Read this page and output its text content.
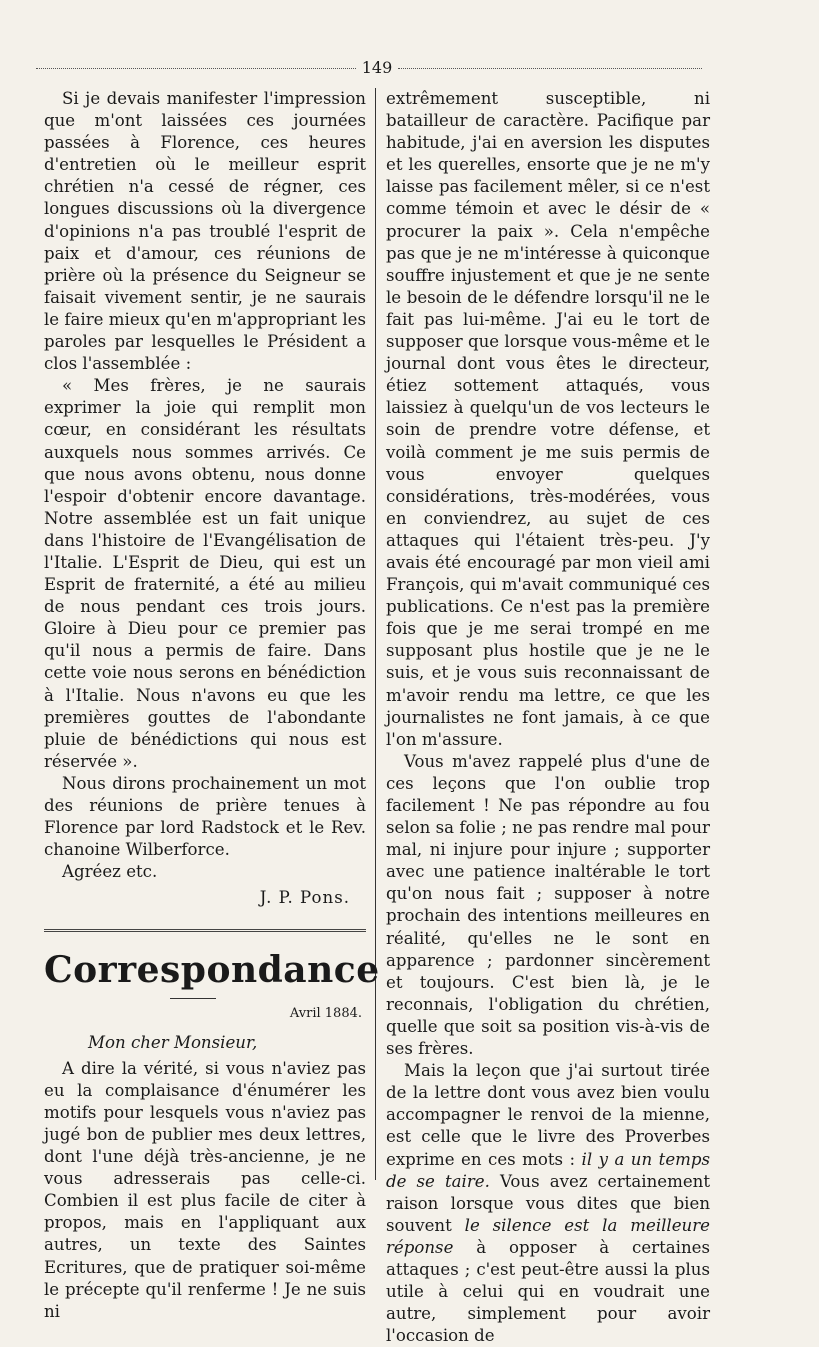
149

Si je devais manifester l'impression que m'ont laissées ces journées passées à Florence, ces heures d'entretien où le meilleur esprit chrétien n'a cessé de régner, ces longues discussions où la divergence d'opinions n'a pas troublé l'esprit de paix et d'amour, ces réunions de prière où la présence du Seigneur se faisait vivement sentir, je ne saurais le faire mieux qu'en m'appropriant les paroles par lesquelles le Président a clos l'assemblée :

« Mes frères, je ne saurais exprimer la joie qui remplit mon cœur, en considérant les résultats auxquels nous sommes arrivés. Ce que nous avons obtenu, nous donne l'espoir d'obtenir encore davantage. Notre assemblée est un fait unique dans l'histoire de l'Evangélisation de l'Italie. L'Esprit de Dieu, qui est un Esprit de fraternité, a été au milieu de nous pendant ces trois jours. Gloire à Dieu pour ce premier pas qu'il nous a permis de faire. Dans cette voie nous serons en bénédiction à l'Italie. Nous n'avons eu que les premières gouttes de l'abondante pluie de bénédictions qui nous est réservée ».

Nous dirons prochainement un mot des réunions de prière tenues à Florence par lord Radstock et le Rev. chanoine Wilberforce.

Agréez etc.

J. P. Pons.

Correspondance

Avril 1884.

Mon cher Monsieur,

A dire la vérité, si vous n'aviez pas eu la complaisance d'énumérer les motifs pour lesquels vous n'aviez pas jugé bon de publier mes deux lettres, dont l'une déjà très-ancienne, je ne vous adresserais pas celle-ci. Combien il est plus facile de citer à propos, mais en l'appliquant aux autres, un texte des Saintes Ecritures, que de pratiquer soi-même le précepte qu'il renferme ! Je ne suis ni

extrêmement susceptible, ni batailleur de caractère. Pacifique par habitude, j'ai en aversion les disputes et les querelles, ensorte que je ne m'y laisse pas facilement mêler, si ce n'est comme témoin et avec le désir de « procurer la paix ». Cela n'empêche pas que je ne m'intéresse à quiconque souffre injustement et que je ne sente le besoin de le défendre lorsqu'il ne le fait pas lui-même. J'ai eu le tort de supposer que lorsque vous-même et le journal dont vous êtes le directeur, étiez sottement attaqués, vous laissiez à quelqu'un de vos lecteurs le soin de prendre votre défense, et voilà comment je me suis permis de vous envoyer quelques considérations, très-modérées, vous en conviendrez, au sujet de ces attaques qui l'étaient très-peu. J'y avais été encouragé par mon vieil ami François, qui m'avait communiqué ces publications. Ce n'est pas la première fois que je me serai trompé en me supposant plus hostile que je ne le suis, et je vous suis reconnaissant de m'avoir rendu ma lettre, ce que les journalistes ne font jamais, à ce que l'on m'assure.

Vous m'avez rappelé plus d'une de ces leçons que l'on oublie trop facilement ! Ne pas répondre au fou selon sa folie ; ne pas rendre mal pour mal, ni injure pour injure ; supporter avec une patience inaltérable le tort qu'on nous fait ; supposer à notre prochain des intentions meilleures en réalité, qu'elles ne le sont en apparence ; pardonner sincèrement et toujours. C'est bien là, je le reconnais, l'obligation du chrétien, quelle que soit sa position vis-à-vis de ses frères.

Mais la leçon que j'ai surtout tirée de la lettre dont vous avez bien voulu accompagner le renvoi de la mienne, est celle que le livre des Proverbes exprime en ces mots : il y a un temps de se taire. Vous avez certainement raison lorsque vous dites que bien souvent le silence est la meilleure réponse à opposer à certaines attaques ; c'est peut-être aussi la plus utile à celui qui en voudrait une autre, simplement pour avoir l'occasion de
